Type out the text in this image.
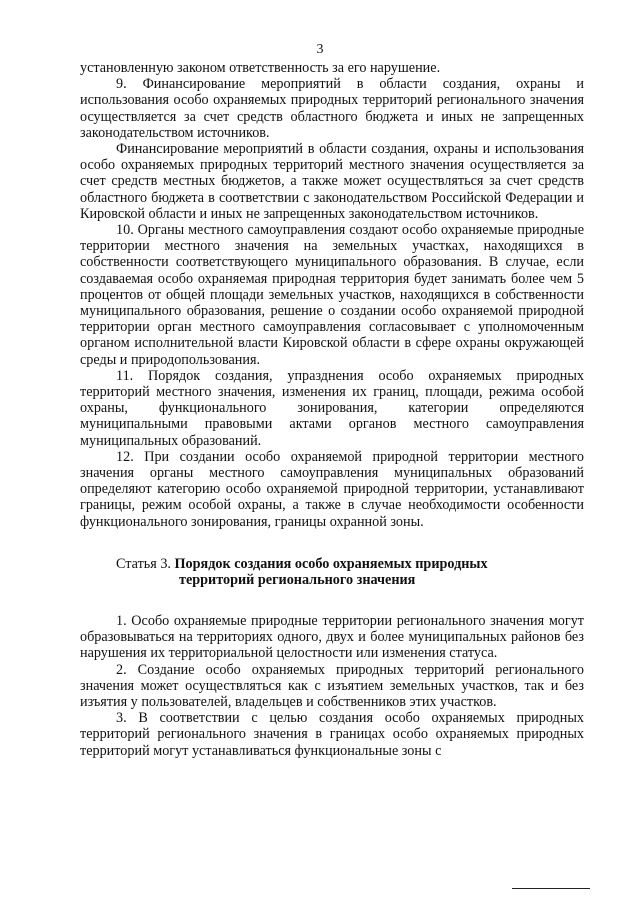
3

установленную законом ответственность за его нарушение.

9. Финансирование мероприятий в области создания, охраны и использования особо охраняемых природных территорий регионального значения осуществляется за счет средств областного бюджета и иных не запрещенных законодательством источников.

Финансирование мероприятий в области создания, охраны и использования особо охраняемых природных территорий местного значения осуществляется за счет средств местных бюджетов, а также может осуществляться за счет средств областного бюджета в соответствии с законодательством Российской Федерации и Кировской области и иных не запрещенных законодательством источников.

10. Органы местного самоуправления создают особо охраняемые природные территории местного значения на земельных участках, находящихся в собственности соответствующего муниципального образования. В случае, если создаваемая особо охраняемая природная территория будет занимать более чем 5 процентов от общей площади земельных участков, находящихся в собственности муниципального образования, решение о создании особо охраняемой природной территории орган местного самоуправления согласовывает с уполномоченным органом исполнительной власти Кировской области в сфере охраны окружающей среды и природопользования.

11. Порядок создания, упразднения особо охраняемых природных территорий местного значения, изменения их границ, площади, режима особой охраны, функционального зонирования, категории определяются муниципальными правовыми актами органов местного самоуправления муниципальных образований.

12. При создании особо охраняемой природной территории местного значения органы местного самоуправления муниципальных образований определяют категорию особо охраняемой природной территории, устанавливают границы, режим особой охраны, а также в случае необходимости особенности функционального зонирования, границы охранной зоны.

Статья 3. Порядок создания особо охраняемых природных
территорий регионального значения

1. Особо охраняемые природные территории регионального значения могут образовываться на территориях одного, двух и более муниципальных районов без нарушения их территориальной целостности или изменения статуса.

2. Создание особо охраняемых природных территорий регионального значения может осуществляться как с изъятием земельных участков, так и без изъятия у пользователей, владельцев и собственников этих участков.

3. В соответствии с целью создания особо охраняемых природных территорий регионального значения в границах особо охраняемых природных территорий могут устанавливаться функциональные зоны с
